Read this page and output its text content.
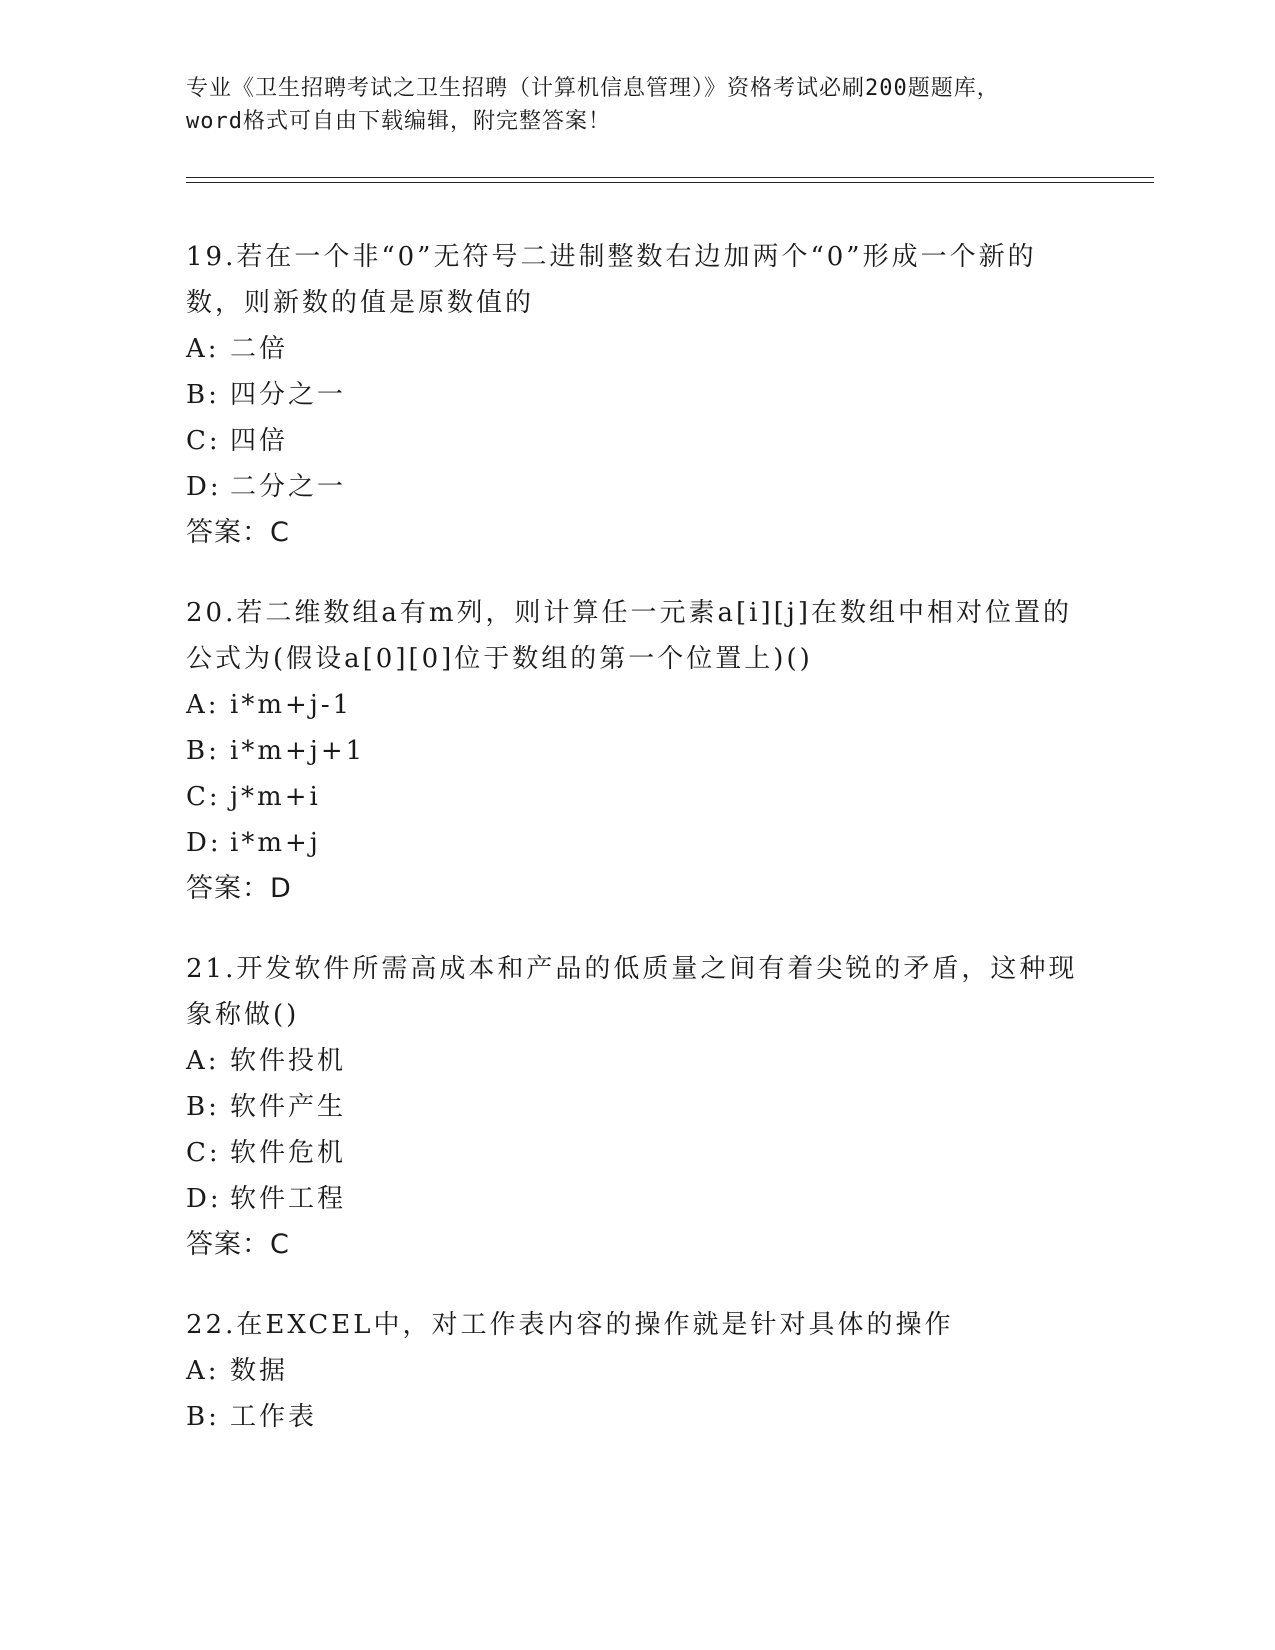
专业《卫生招聘考试之卫生招聘（计算机信息管理）》资格考试必刷200题题库，
word格式可自由下载编辑，附完整答案！

19.若在一个非“0”无符号二进制整数右边加两个“0”形成一个新的数，则新数的值是原数值的

A: 二倍

B: 四分之一

C: 四倍

D: 二分之一

答案：C

20.若二维数组a有m列，则计算任一元素a[i][j]在数组中相对位置的公式为(假设a[0][0]位于数组的第一个位置上)()

A: i*m+j-1

B: i*m+j+1

C: j*m+i

D: i*m+j

答案：D

21.开发软件所需高成本和产品的低质量之间有着尖锐的矛盾，这种现象称做()

A: 软件投机

B: 软件产生

C: 软件危机

D: 软件工程

答案：C

22.在EXCEL中，对工作表内容的操作就是针对具体的操作

A: 数据

B: 工作表
